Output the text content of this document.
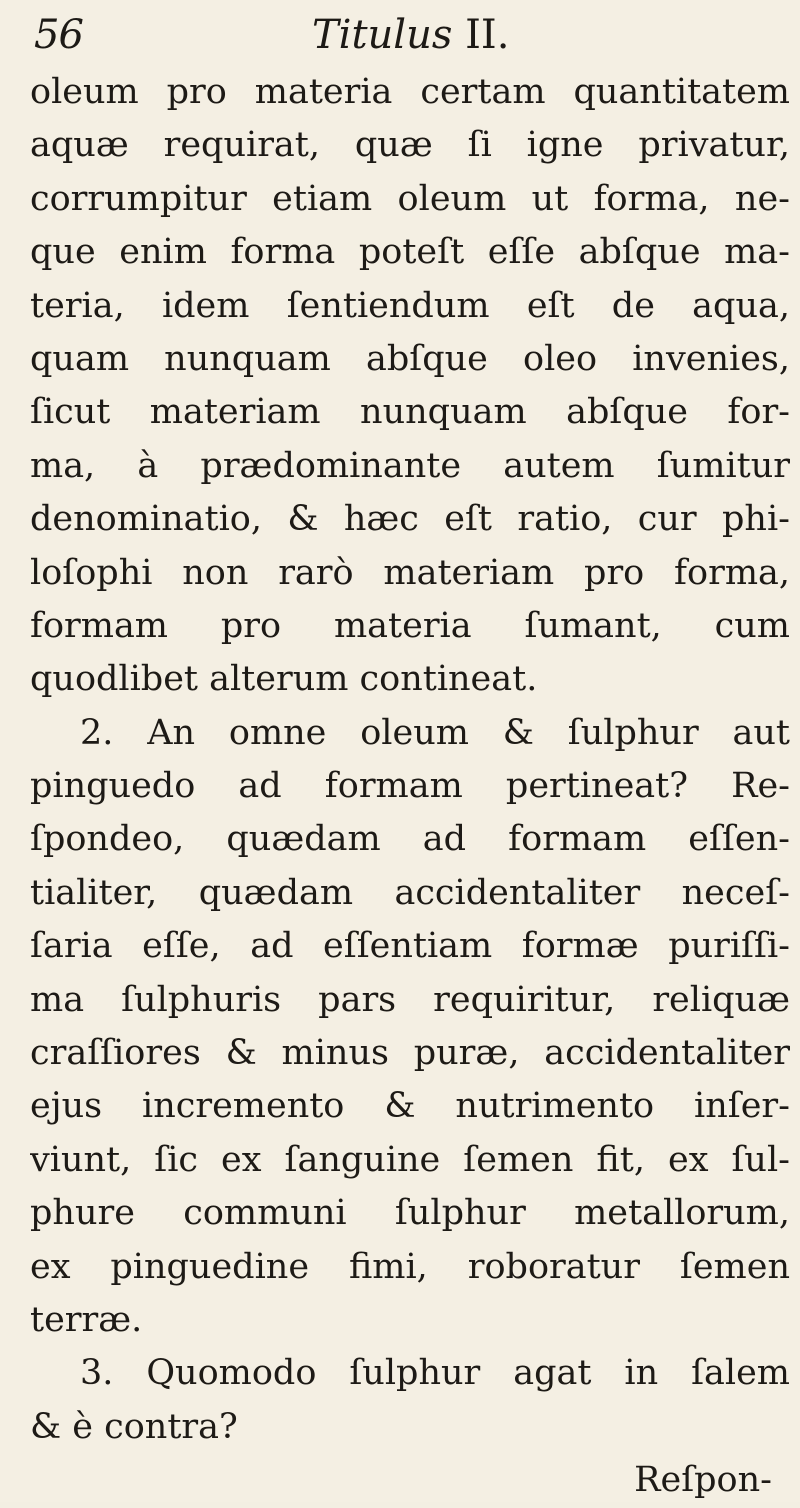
56	Titulus II.
oleum pro materia certam quantitatem
aquæ requirat, quæ ſi igne privatur,
corrumpitur etiam oleum ut forma, ne-
que enim forma poteſt eſſe abſque ma-
teria, idem ſentiendum eſt de aqua,
quam nunquam abſque oleo invenies,
ſicut materiam nunquam abſque for-
ma, à prædominante autem ſumitur
denominatio, & hæc eſt ratio, cur phi-
loſophi non rarò materiam pro forma,
formam pro materia ſumant, cum
quodlibet alterum contineat.
2. An omne oleum & ſulphur aut
pinguedo ad formam pertineat? Re-
ſpondeo, quædam ad formam eſſen-
tialiter, quædam accidentaliter neceſ-
ſaria eſſe, ad eſſentiam formæ puriſſi-
ma ſulphuris pars requiritur, reliquæ
craſſiores & minus puræ, accidentaliter
ejus incremento & nutrimento inſer-
viunt, ſic ex ſanguine ſemen fit, ex ſul-
phure communi ſulphur metallorum,
ex pinguedine fimi, roboratur ſemen
terræ.
3. Quomodo ſulphur agat in ſalem
& è contra?
Reſpon-
